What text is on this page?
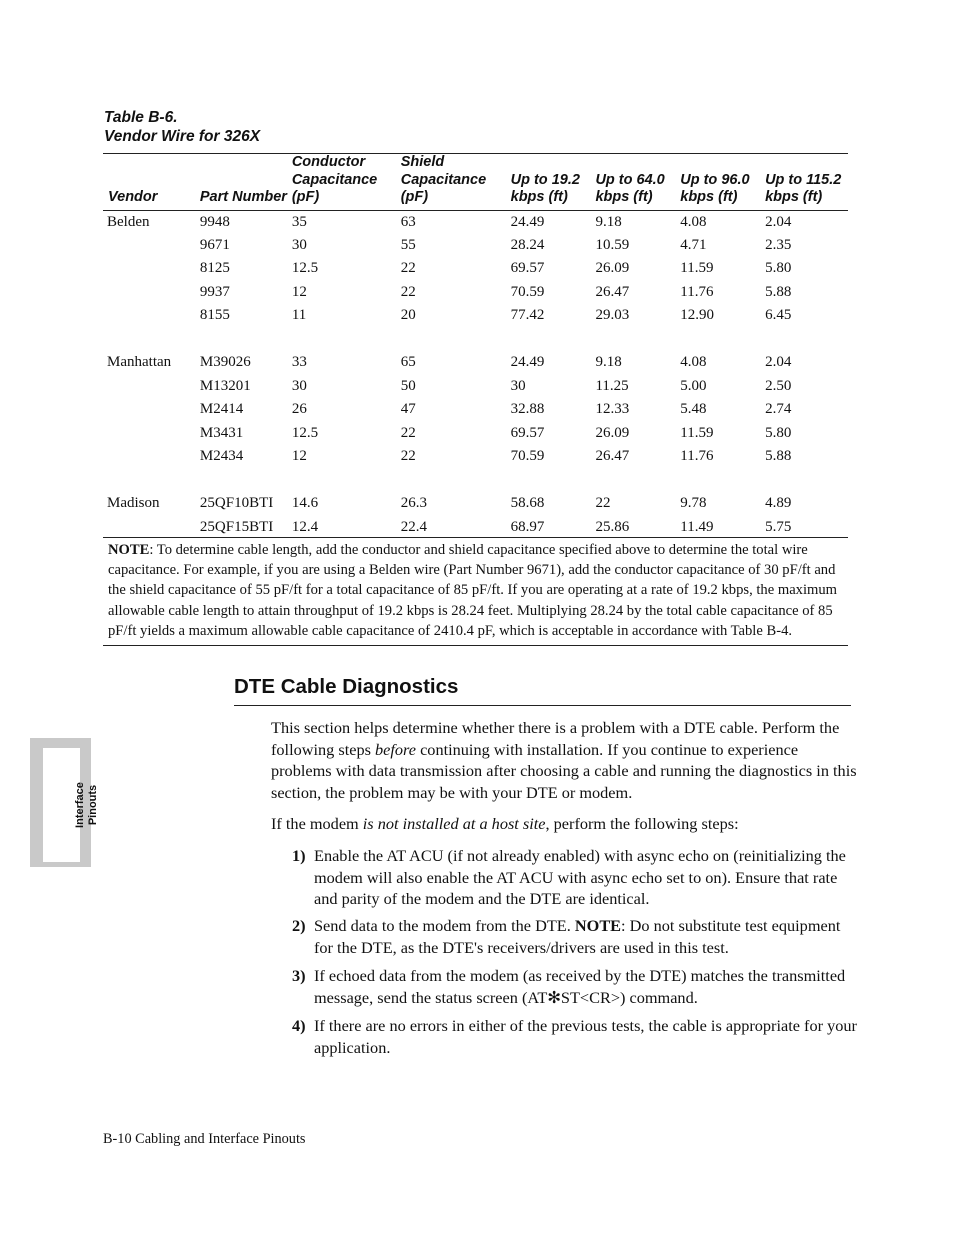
Table B-6.
Vendor Wire for 326X
Vendor	Part Number	Conductor Capacitance (pF)	Shield Capacitance (pF)	Up to 19.2 kbps (ft)	Up to 64.0 kbps (ft)	Up to 96.0 kbps (ft)	Up to 115.2 kbps (ft)
Belden	9948	35	63	24.49	9.18	4.08	2.04
	9671	30	55	28.24	10.59	4.71	2.35
	8125	12.5	22	69.57	26.09	11.59	5.80
	9937	12	22	70.59	26.47	11.76	5.88
	8155	11	20	77.42	29.03	12.90	6.45

Manhattan	M39026	33	65	24.49	9.18	4.08	2.04
	M13201	30	50	30	11.25	5.00	2.50
	M2414	26	47	32.88	12.33	5.48	2.74
	M3431	12.5	22	69.57	26.09	11.59	5.80
	M2434	12	22	70.59	26.47	11.76	5.88

Madison	25QF10BTI	14.6	26.3	58.68	22	9.78	4.89
	25QF15BTI	12.4	22.4	68.97	25.86	11.49	5.75
NOTE: To determine cable length, add the conductor and shield capacitance specified above to determine the total wire capacitance. For example, if you are using a Belden wire (Part Number 9671), add the conductor capacitance of 30 pF/ft and the shield capacitance of 55 pF/ft for a total capacitance of 85 pF/ft. If you are operating at a rate of 19.2 kbps, the maximum allowable cable length to attain throughput of 19.2 kbps is 28.24 feet. Multiplying 28.24 by the total cable capacitance of 85 pF/ft yields a maximum allowable cable capacitance of 2410.4 pF, which is acceptable in accordance with Table B-4.
DTE Cable Diagnostics
This section helps determine whether there is a problem with a DTE cable. Perform the following steps before continuing with installation. If you continue to experience problems with data transmission after choosing a cable and running the diagnostics in this section, the problem may be with your DTE or modem.
If the modem is not installed at a host site, perform the following steps:
1) Enable the AT ACU (if not already enabled) with async echo on (reinitializing the modem will also enable the AT ACU with async echo set to on). Ensure that rate and parity of the modem and the DTE are identical.
2) Send data to the modem from the DTE. NOTE: Do not substitute test equipment for the DTE, as the DTE's receivers/drivers are used in this test.
3) If echoed data from the modem (as received by the DTE) matches the transmitted message, send the status screen (AT✻ST<CR>) command.
4) If there are no errors in either of the previous tests, the cable is appropriate for your application.
Interface Pinouts
B-10 Cabling and Interface Pinouts
